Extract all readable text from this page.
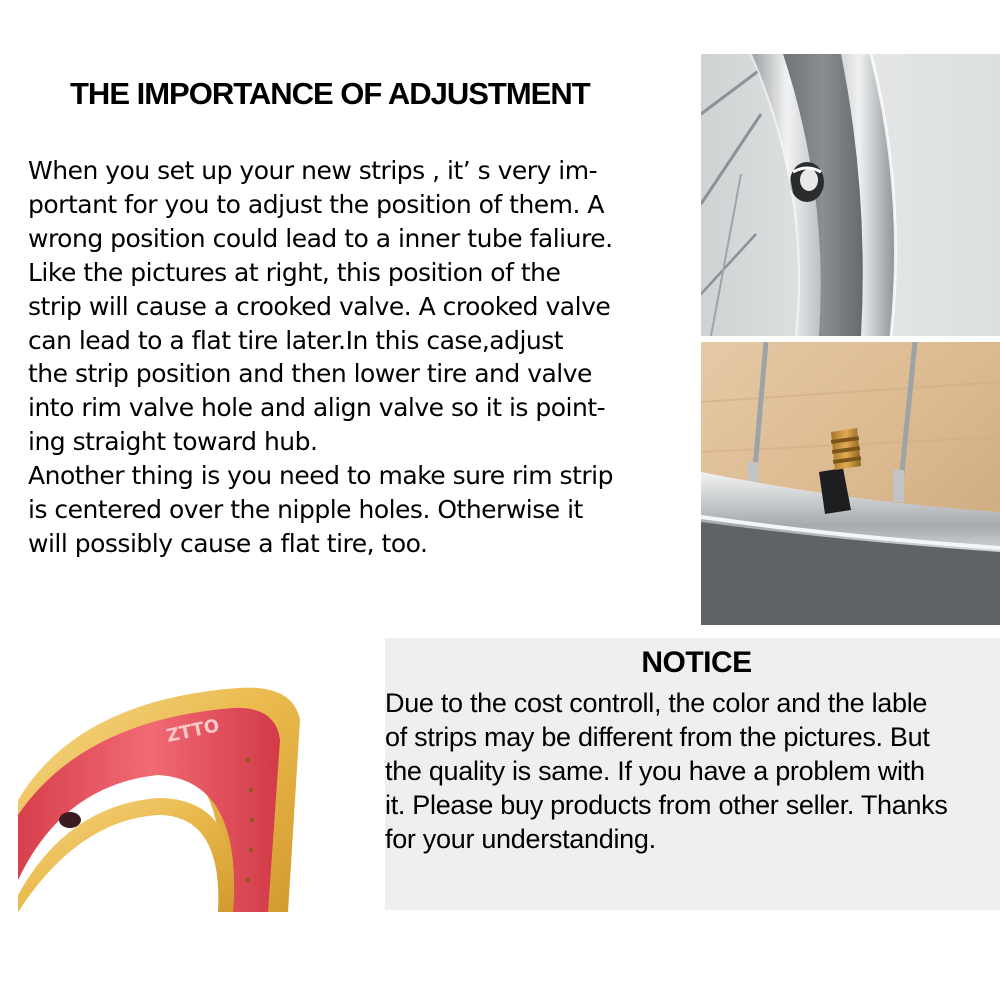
THE IMPORTANCE OF ADJUSTMENT
When you set up your new strips , it’ s very im-
portant for you to adjust the position of them. A
wrong position could lead to a inner tube faliure.
Like the pictures at right, this position of the
strip will cause a crooked valve. A crooked valve
can lead to a flat tire later.In this case,adjust
the strip position and then lower tire and valve
into rim valve hole and align valve so it is point-
ing straight toward hub.
Another thing is you need to make sure rim strip
is centered over the nipple holes. Otherwise it
will possibly cause a flat tire, too.
ZTTO
NOTICE
Due to the cost controll, the color and the lable
of strips may be different from the pictures. But
the quality is same. If you have a problem with
it. Please buy products from other seller. Thanks
for your understanding.
